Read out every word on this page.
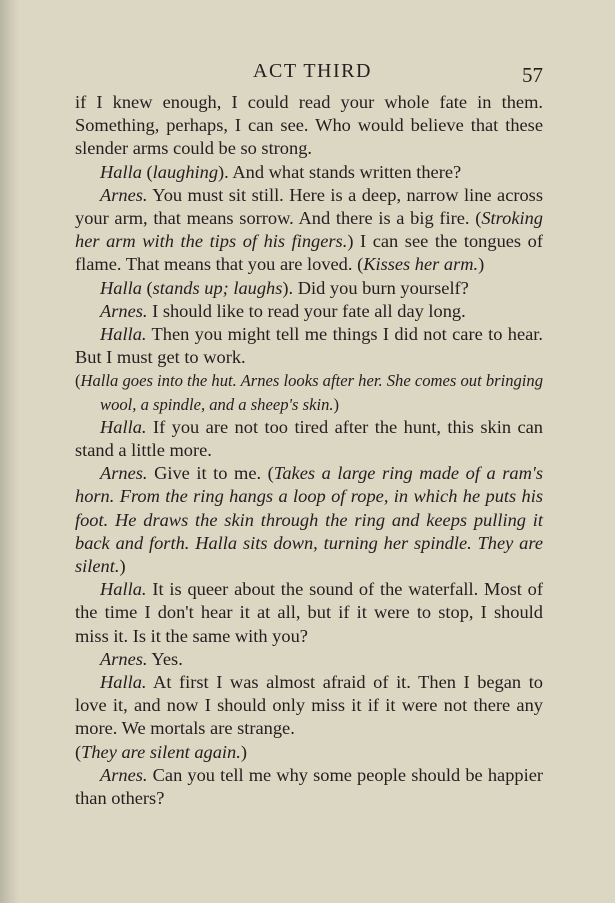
ACT THIRD	57

if I knew enough, I could read your whole fate in them. Something, perhaps, I can see. Who would believe that these slender arms could be so strong.

Halla (laughing). And what stands written there?

Arnes. You must sit still. Here is a deep, narrow line across your arm, that means sorrow. And there is a big fire. (Stroking her arm with the tips of his fingers.) I can see the tongues of flame. That means that you are loved. (Kisses her arm.)

Halla (stands up; laughs). Did you burn yourself?

Arnes. I should like to read your fate all day long.

Halla. Then you might tell me things I did not care to hear. But I must get to work.

(Halla goes into the hut. Arnes looks after her. She comes out bringing wool, a spindle, and a sheep's skin.)

Halla. If you are not too tired after the hunt, this skin can stand a little more.

Arnes. Give it to me. (Takes a large ring made of a ram's horn. From the ring hangs a loop of rope, in which he puts his foot. He draws the skin through the ring and keeps pulling it back and forth. Halla sits down, turning her spindle. They are silent.)

Halla. It is queer about the sound of the waterfall. Most of the time I don't hear it at all, but if it were to stop, I should miss it. Is it the same with you?

Arnes. Yes.

Halla. At first I was almost afraid of it. Then I began to love it, and now I should only miss it if it were not there any more. We mortals are strange.

(They are silent again.)

Arnes. Can you tell me why some people should be happier than others?
